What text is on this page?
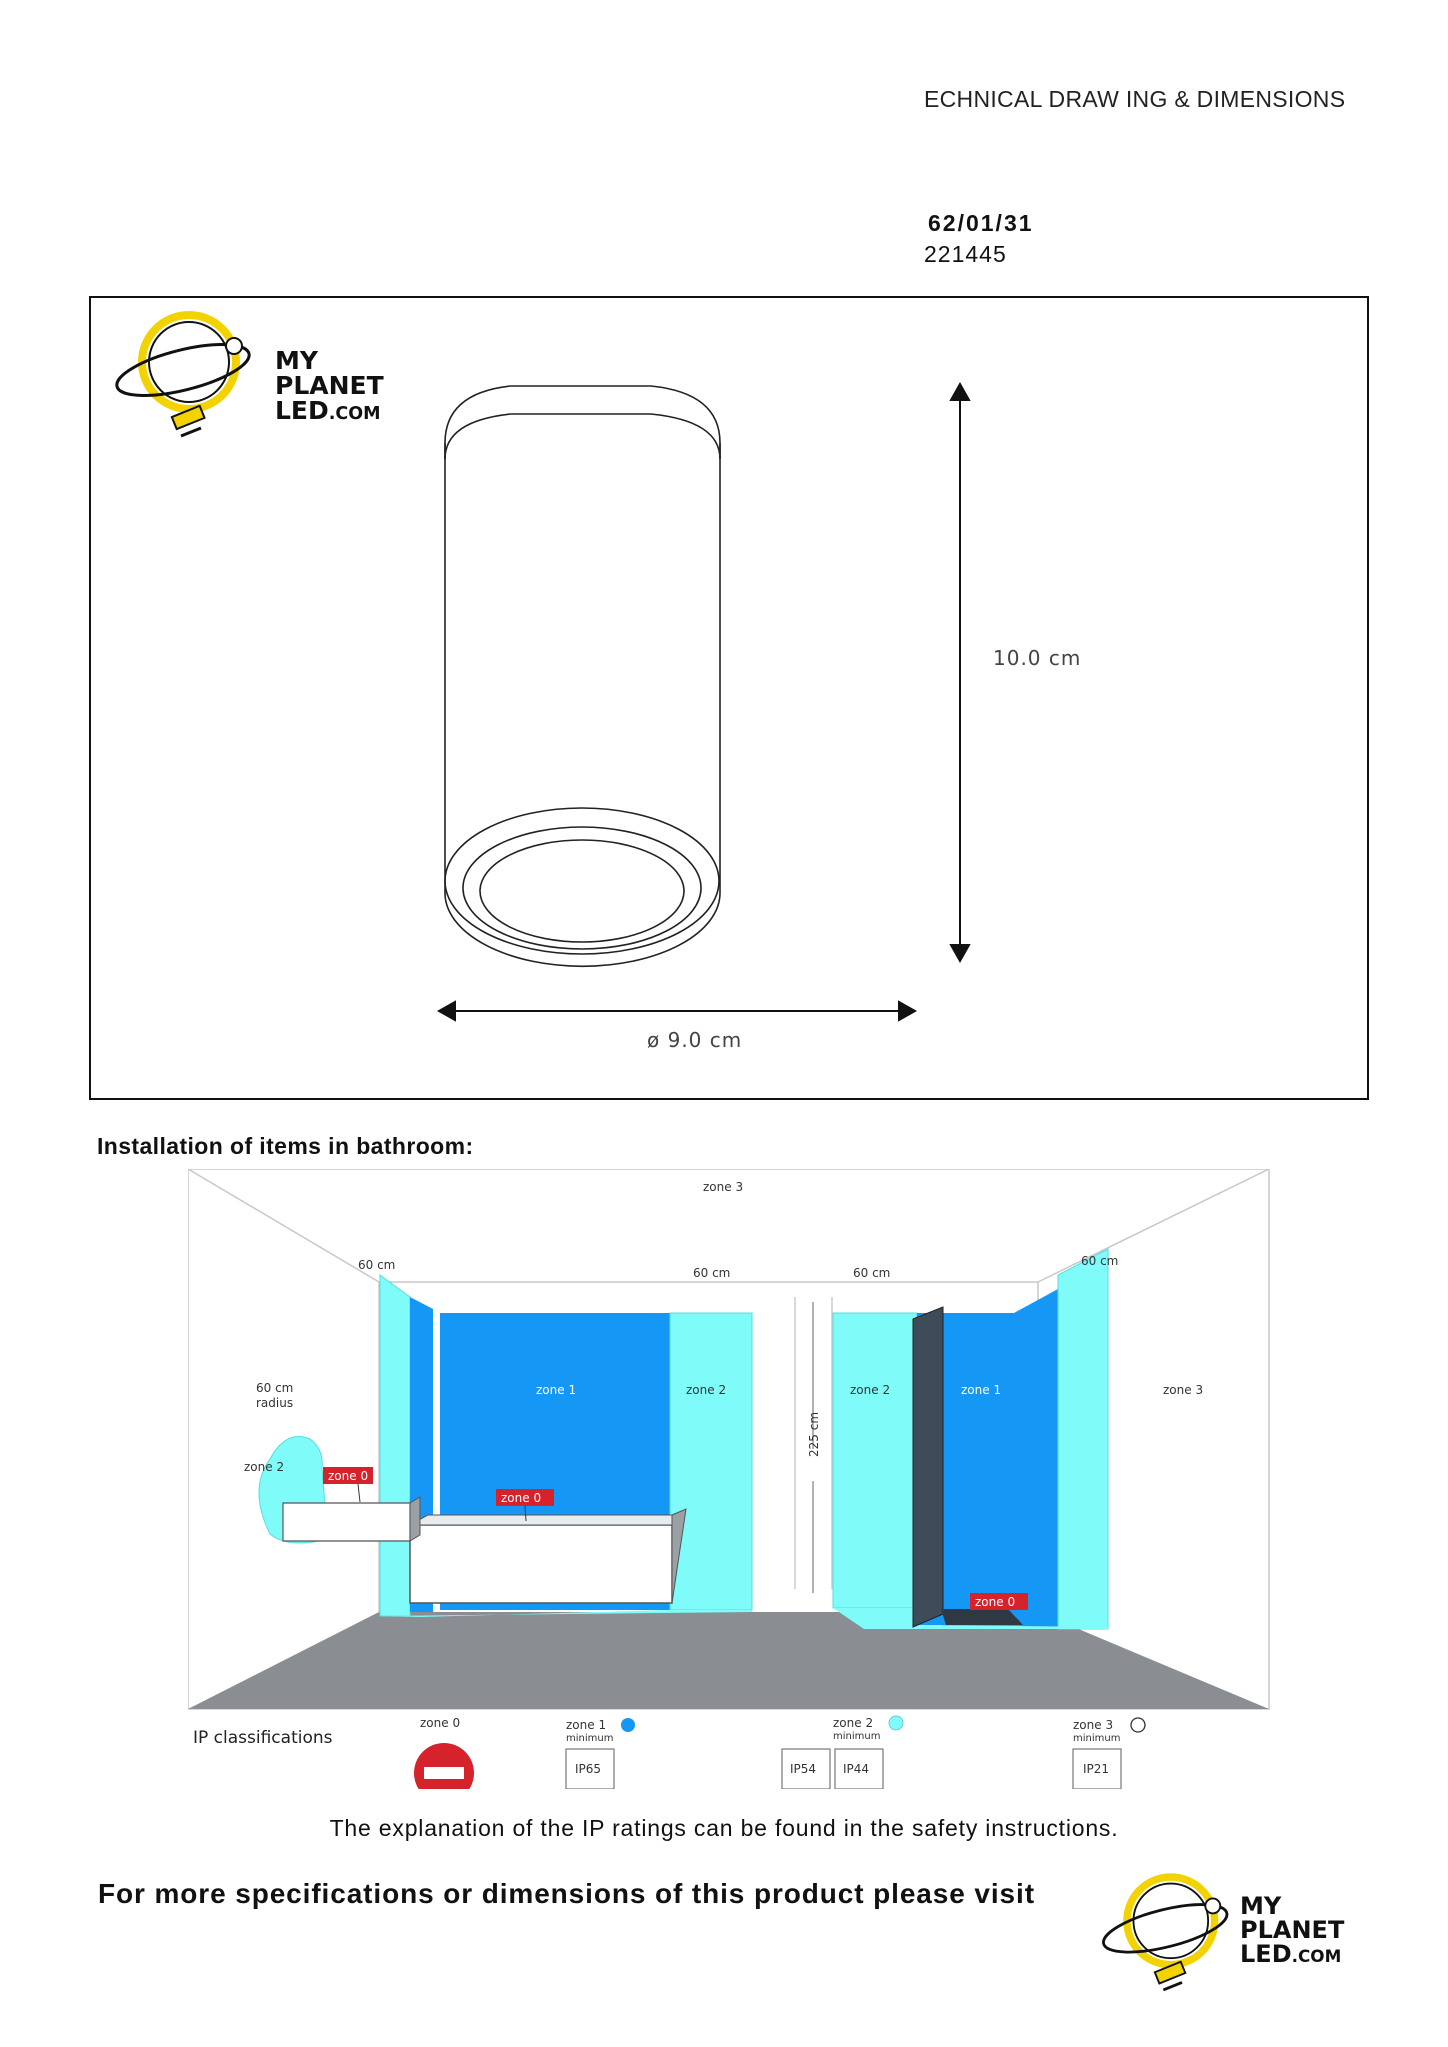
ECHNICAL DRAW ING & DIMENSIONS
62/01/31
221445
MY
PLANET
LED.COM
10.0 cm
ø 9.0 cm
Installation of items in bathroom:
zone 3
60 cm
60 cm	60 cm
60 cm
60 cm
radius
zone 2
zone 0
zone 1
zone 0
zone 2
225 cm
zone 2	zone 1	zone 3
zone 0
IP classifications
zone 0	zone 1
minimum
IP65
zone 2
minimum
IP54 IP44
zone 3
minimum
IP21
The explanation of the IP ratings can be found in the safety instructions.
For more specifications or dimensions of this product please visit	MY
PLANET
LED.COM
